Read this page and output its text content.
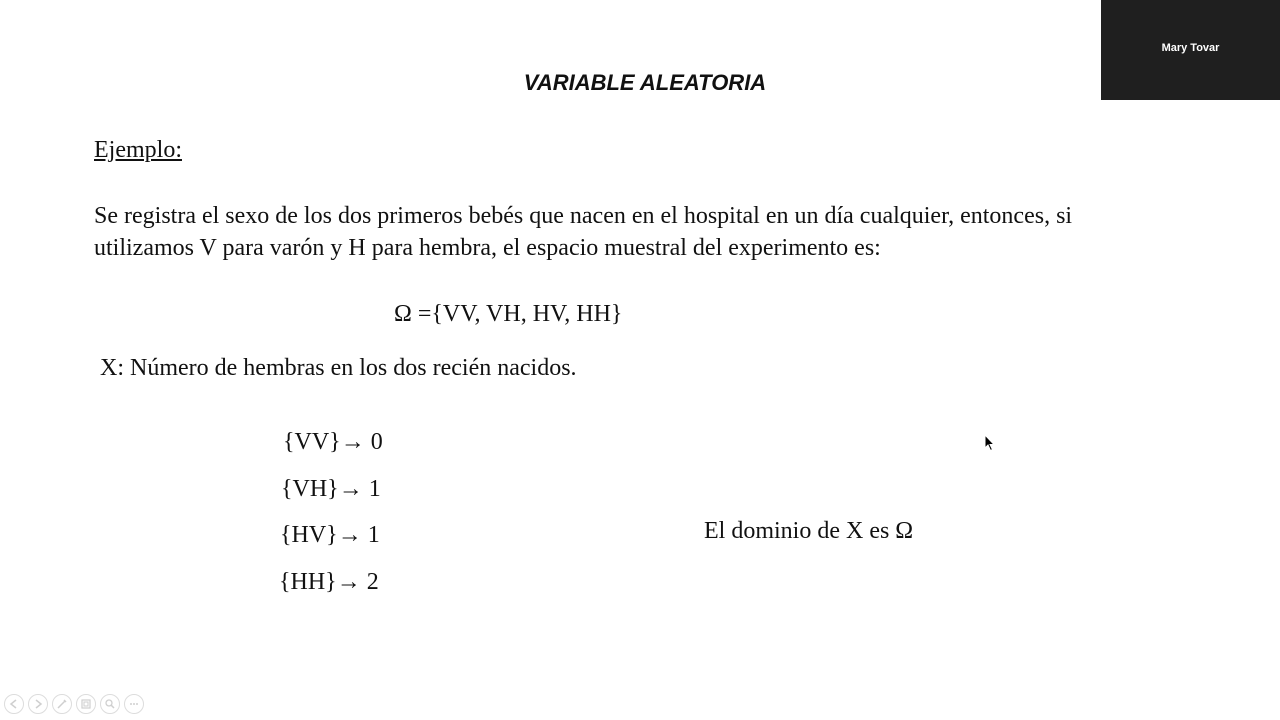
VARIABLE ALEATORIA
Ejemplo:
Se registra el sexo de los dos primeros bebés que nacen en el hospital en un día cualquier, entonces, si
utilizamos V para varón y H para hembra, el espacio muestral del experimento es:
Ω ={VV, VH, HV, HH}
X: Número de hembras en los dos recién nacidos.
{VV}→ 0
{VH}→ 1
{HV}→ 1
{HH}→ 2
El dominio de X es Ω
Mary Tovar
